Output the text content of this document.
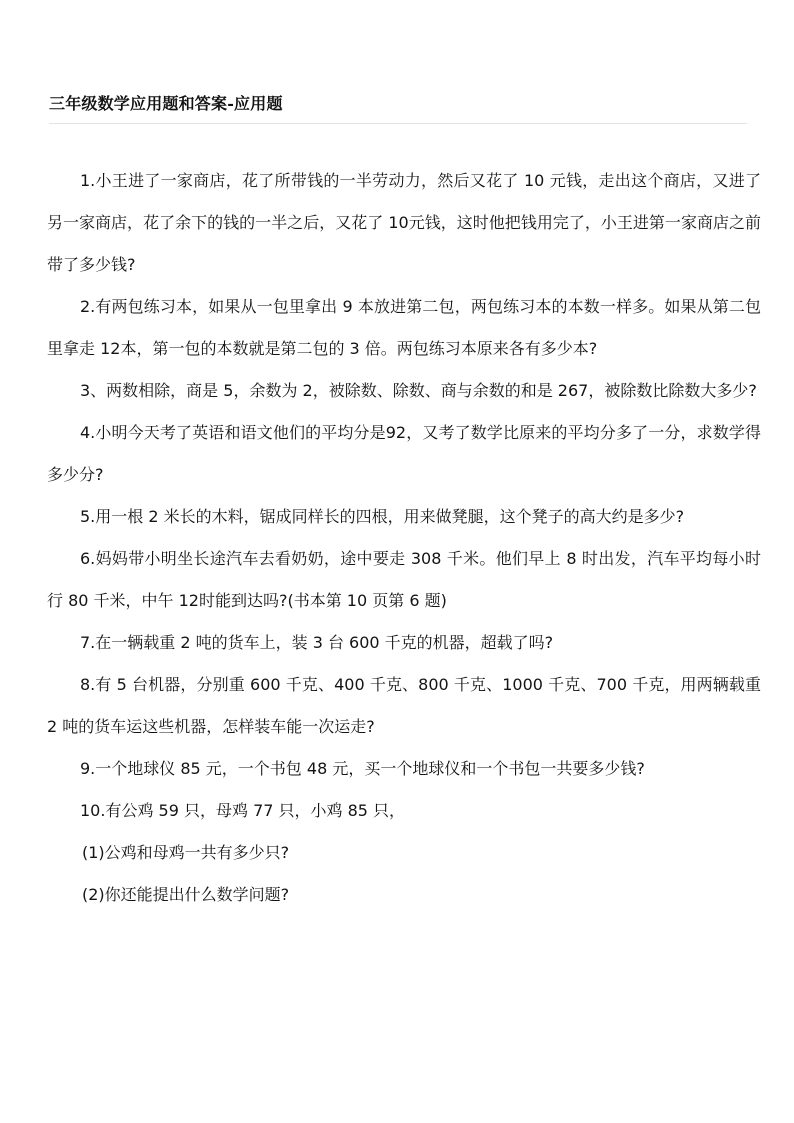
三年级数学应用题和答案-应用题

1.小王进了一家商店，花了所带钱的一半劳动力，然后又花了 10 元钱，走出这个商店，又进了另一家商店，花了余下的钱的一半之后，又花了 10元钱，这时他把钱用完了，小王进第一家商店之前带了多少钱?

2.有两包练习本，如果从一包里拿出 9 本放进第二包，两包练习本的本数一样多。如果从第二包里拿走 12本，第一包的本数就是第二包的 3 倍。两包练习本原来各有多少本?

3、两数相除，商是 5，余数为 2，被除数、除数、商与余数的和是 267，被除数比除数大多少?

4.小明今天考了英语和语文他们的平均分是92，又考了数学比原来的平均分多了一分，求数学得多少分?

5.用一根 2 米长的木料，锯成同样长的四根，用来做凳腿，这个凳子的高大约是多少?

6.妈妈带小明坐长途汽车去看奶奶，途中要走 308 千米。他们早上 8 时出发，汽车平均每小时行 80 千米，中午 12时能到达吗?(书本第 10 页第 6 题)

7.在一辆载重 2 吨的货车上，装 3 台 600 千克的机器，超载了吗?

8.有 5 台机器，分别重 600 千克、400 千克、800 千克、1000 千克、700 千克，用两辆载重 2 吨的货车运这些机器，怎样装车能一次运走?

9.一个地球仪 85 元，一个书包 48 元，买一个地球仪和一个书包一共要多少钱?

10.有公鸡 59 只，母鸡 77 只，小鸡 85 只，

(1)公鸡和母鸡一共有多少只?

(2)你还能提出什么数学问题?
